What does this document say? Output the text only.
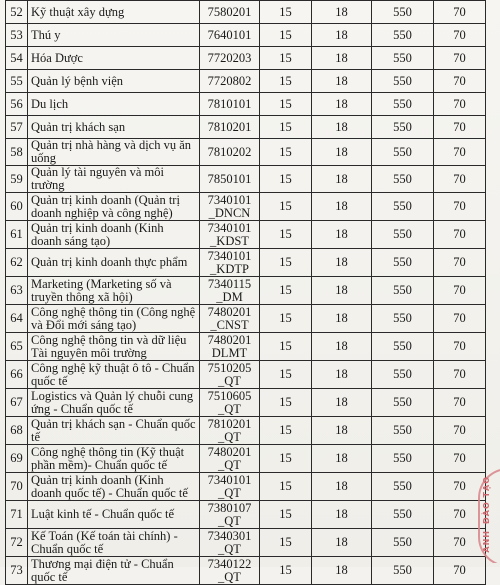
52	Kỹ thuật xây dựng	7580201	15	18	550	70
53	Thú y	7640101	15	18	550	70
54	Hóa Dược	7720203	15	18	550	70
55	Quản lý bệnh viện	7720802	15	18	550	70
56	Du lịch	7810101	15	18	550	70
57	Quản trị khách sạn	7810201	15	18	550	70
58	Quản trị nhà hàng và dịch vụ ăn uống	7810202	15	18	550	70
59	Quản lý tài nguyên và môi trường	7850101	15	18	550	70
60	Quản trị kinh doanh (Quản trị doanh nghiệp và công nghệ)	7340101 _DNCN	15	18	550	70
61	Quản trị kinh doanh (Kinh doanh sáng tạo)	7340101 _KDST	15	18	550	70
62	Quản trị kinh doanh thực phẩm	7340101 _KDTP	15	18	550	70
63	Marketing (Marketing số và truyền thông xã hội)	7340115 _DM	15	18	550	70
64	Công nghệ thông tin (Công nghệ và Đổi mới sáng tạo)	7480201 _CNST	15	18	550	70
65	Công nghệ thông tin và dữ liệu Tài nguyên môi trường	7480201 DLMT	15	18	550	70
66	Công nghệ kỹ thuật ô tô - Chuẩn quốc tế	7510205 _QT	15	18	550	70
67	Logistics và Quản lý chuỗi cung ứng - Chuẩn quốc tế	7510605 _QT	15	18	550	70
68	Quản trị khách sạn - Chuẩn quốc tế	7810201 _QT	15	18	550	70
69	Công nghệ thông tin (Kỹ thuật phần mềm)- Chuẩn quốc tế	7480201 _QT	15	18	550	70
70	Quản trị kinh doanh (Kinh doanh quốc tế) - Chuẩn quốc tế	7340101 _QT	15	18	550	70
71	Luật kinh tế - Chuẩn quốc tế	7380107 _QT	15	18	550	70
72	Kế Toán (Kế toán tài chính) - Chuẩn quốc tế	7340301 _QT	15	18	550	70
73	Thương mại điện tử - Chuẩn quốc tế	7340122 _QT	15	18	550	70
ĐÀO TẠO
ANH
